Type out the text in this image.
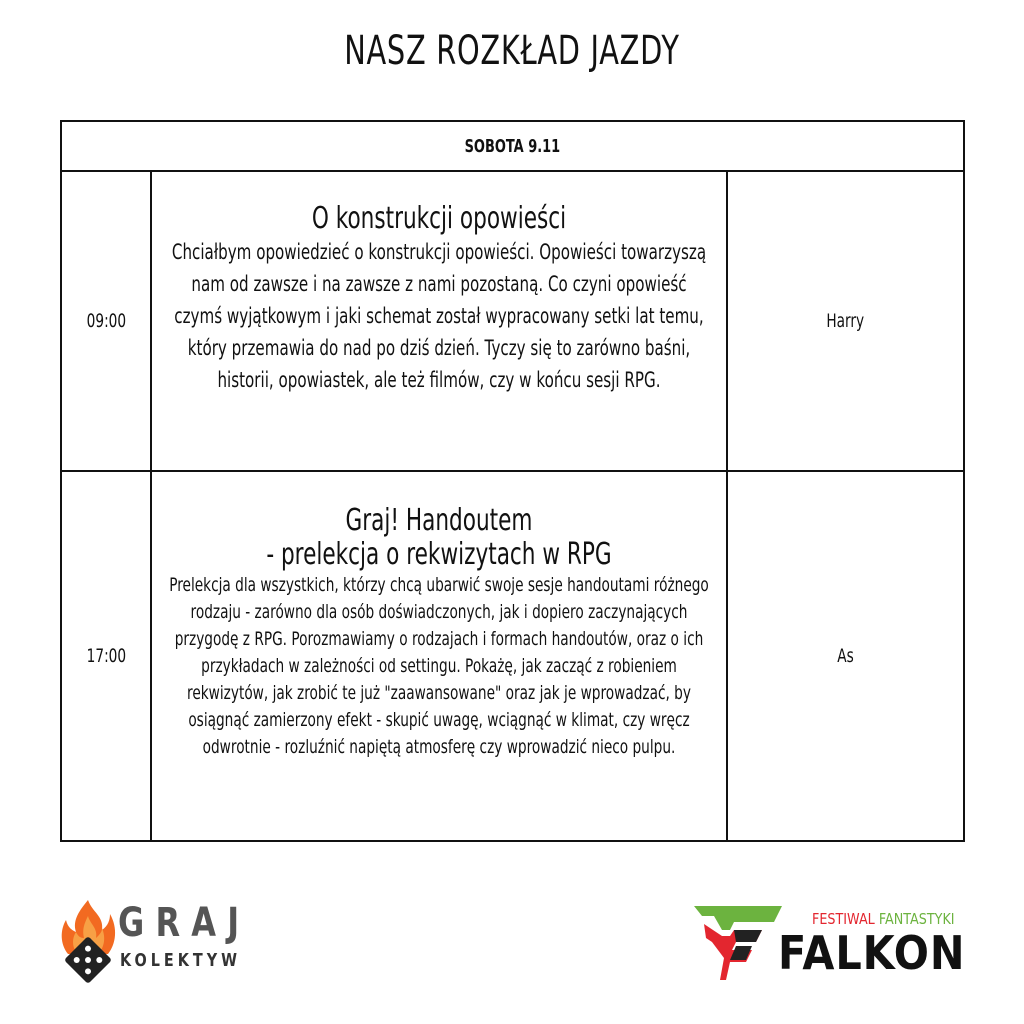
NASZ ROZKŁAD JAZDY
SOBOTA 9.11		
09:00	O konstrukcji opowieści

Chciałbym opowiedzieć o konstrukcji opowieści. Opowieści towarzyszą nam od zawsze i na zawsze z nami pozostaną. Co czyni opowieść czymś wyjątkowym i jaki schemat został wypracowany setki lat temu, który przemawia do nad po dziś dzień. Tyczy się to zarówno baśni, historii, opowiastek, ale też filmów, czy w końcu sesji RPG.	Harry
17:00	Graj! Handoutem
- prelekcja o rekwizytach w RPG

Prelekcja dla wszystkich, którzy chcą ubarwić swoje sesje handoutami różnego rodzaju - zarówno dla osób doświadczonych, jak i dopiero zaczynających przygodę z RPG. Porozmawiamy o rodzajach i formach handoutów, oraz o ich przykładach w zależności od settingu. Pokażę, jak zacząć z robieniem rekwizytów, jak zrobić te już "zaawansowane" oraz jak je wprowadzać, by osiągnąć zamierzony efekt - skupić uwagę, wciągnąć w klimat, czy wręcz odwrotnie - rozluźnić napiętą atmosferę czy wprowadzić nieco pulpu.	As
GRAJ
KOLEKTYW
FESTIWAL FANTASTYKI
FALKON
